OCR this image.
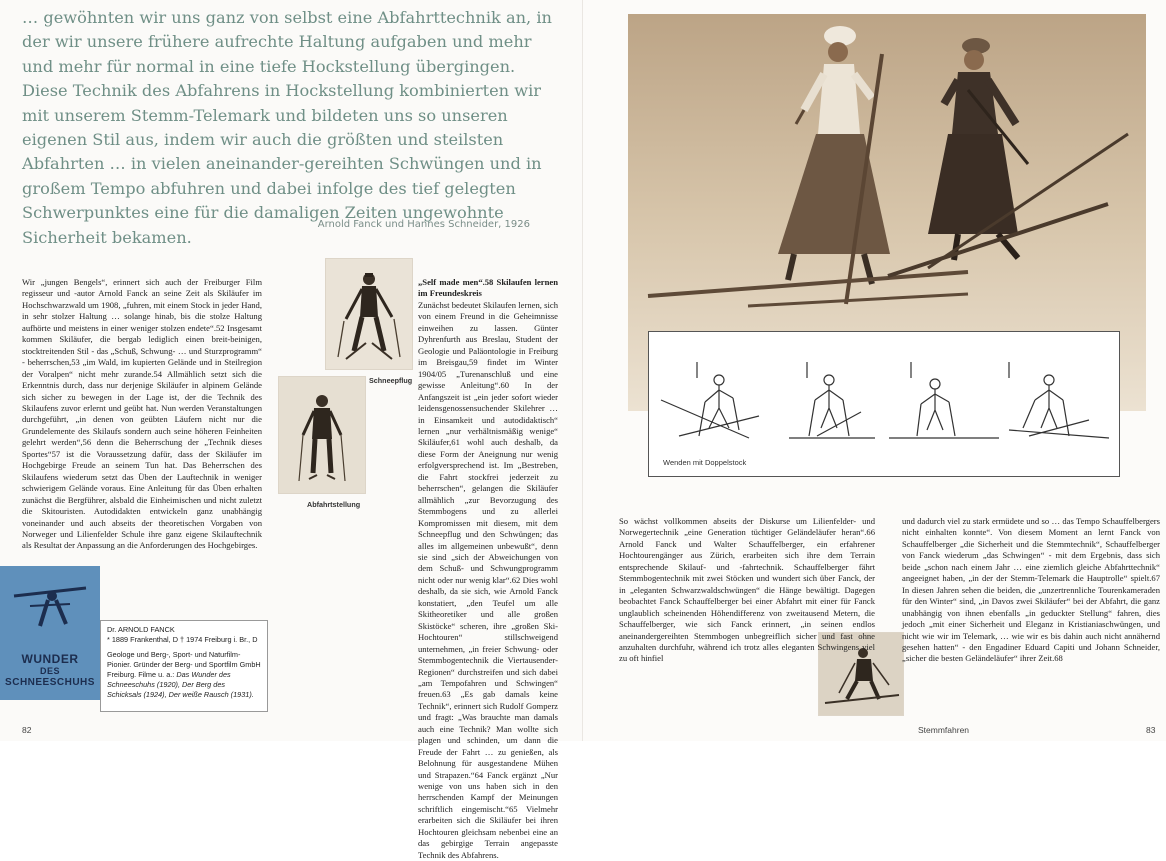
… gewöhnten wir uns ganz von selbst eine Abfahrttechnik an, in der wir unsere frühere aufrechte Haltung aufgaben und mehr und mehr für normal in eine tiefe Hockstellung übergingen. Diese Technik des Abfahrens in Hockstellung kombinierten wir mit unserem Stemm-Telemark und bildeten uns so unseren eigenen Stil aus, indem wir auch die größten und steilsten Abfahrten … in vielen aneinander-gereihten Schwüngen und in großem Tempo abfuhren und dabei infolge des tief gelegten Schwerpunktes eine für die damaligen Zeiten ungewohnte Sicherheit bekamen.
Arnold Fanck und Hannes Schneider, 1926
Wir „jungen Bengels“, erinnert sich auch der Freiburger Film regisseur und -autor Arnold Fanck an seine Zeit als Skiläufer im Hochschwarzwald um 1908, „fuhren, mit einem Stock in jeder Hand, in sehr stolzer Haltung … solange hinab, bis die stolze Haltung aufhörte und meistens in einer weniger stolzen endete“.52 Insgesamt kommen Skiläufer, die bergab lediglich einen breit-beinigen, stocktreitenden Stil - das „Schuß, Schwung- … und Sturzprogramm“ - beherrschen,53 „im Wald, im kupierten Gelände und in Steilregion der Voralpen“ nicht mehr zurande.54 Allmählich setzt sich die Erkenntnis durch, dass nur derjenige Skiläufer in alpinem Gelände sich sicher zu bewegen in der Lage ist, der die Technik des Skilaufens zuvor erlernt und geübt hat. Nun werden Veranstaltungen durchgeführt, „in denen von geübten Läufern nicht nur die Grundelemente des Skilaufs sondern auch seine höheren Feinheiten gelehrt werden“,56 denn die Beherrschung der „Technik dieses Sportes“57 ist die Voraussetzung dafür, dass der Skiläufer im Hochgebirge Freude an seinem Tun hat. Das Beherrschen des Skilaufens wiederum setzt das Üben der Lauftechnik in weniger schwierigem Gelände voraus. Eine Anleitung für das Üben erhalten zunächst die Bergführer, alsbald die Einheimischen und nicht zuletzt die Skitouristen. Autodidakten entwickeln ganz unabhängig voneinander und auch abseits der theoretischen Vorgaben von Norweger und Lilienfelder Schule ihre ganz eigene Skilauftechnik als Resultat der Anpassung an die Anforderungen des Hochgebirges.
„Self made men“.58 Skilaufen lernen im Freundeskreis
Zunächst bedeutet Skilaufen lernen, sich von einem Freund in die Geheimnisse einweihen zu lassen. Günter Dyhrenfurth aus Breslau, Student der Geologie und Paläontologie in Freiburg im Breisgau,59 findet im Winter 1904/05 „Turenanschluß und eine gewisse Anleitung“.60 In der Anfangszeit ist „ein jeder sofort wieder leidensgenossensuchender Skilehrer … in Einsamkeit und autodidaktisch“ lernen „nur verhältnismäßig wenige“ Skiläufer,61 wohl auch deshalb, da diese Form der Aneignung nur wenig erfolgversprechend ist. Im „Bestreben, die Fahrt stockfrei jederzeit zu beherrschen“, gelangen die Skiläufer allmählich „zur Bevorzugung des Stemmbogens und zu allerlei Kompromissen mit diesem, mit dem Schneepflug und den Schwüngen; das alles im allgemeinen unbewußt“, denn sie sind „sich der Abweichungen von dem Schuß- und Schwungprogramm nicht oder nur wenig klar“.62 Dies wohl deshalb, da sie sich, wie Arnold Fanck konstatiert, „den Teufel um alle Skitheoretiker und alle großen Skistöcke“ scheren, ihre „großen Ski-Hochtouren“ stillschweigend unternehmen, „in freier Schwung- oder Stemmbogentechnik die Viertausender-Regionen“ durchstreifen und sich dabei „am Tempofahren und Schwingen“ freuen.63 „Es gab damals keine Technik“, erinnert sich Rudolf Gomperz und fragt: „Was brauchte man damals auch eine Technik? Man wollte sich plagen und schinden, um dann die Freude der Fahrt … zu genießen, als Belohnung für ausgestandene Mühen und Strapazen.“64 Fanck ergänzt „Nur wenige von uns haben sich in den herrschenden Kampf der Meinungen schriftlich eingemischt.“65 Vielmehr erarbeiten sich die Skiläufer bei ihren Hochtouren gleichsam nebenbei eine an das gebirgige Terrain angepasste Technik des Abfahrens.
Schneepflug
Abfahrtstellung
WUNDER
DES
SCHNEESCHUHS
Dr. ARNOLD FANCK
* 1889 Frankenthal, D † 1974 Freiburg i. Br., D
Geologe und Berg-, Sport- und Naturfilm-Pionier. Gründer der Berg- und Sportfilm GmbH Freiburg. Filme u. a.: Das Wunder des Schneeschuhs (1920), Der Berg des Schicksals (1924), Der weiße Rausch (1931).
82
Wenden mit Doppelstock
So wächst vollkommen abseits der Diskurse um Lilienfelder- und Norwegertechnik „eine Generation tüchtiger Geländeläufer heran“.66 Arnold Fanck und Walter Schauffelberger, ein erfahrener Hochtourengänger aus Zürich, erarbeiten sich ihre dem Terrain entsprechende Skilauf- und -fahrtechnik. Schauffelberger fährt Stemmbogentechnik mit zwei Stöcken und wundert sich über Fanck, der in „eleganten Schwarzwaldschwüngen“ die Hänge bewältigt. Dagegen beobachtet Fanck Schauffelberger bei einer Abfahrt mit einer für Fanck unglaublich scheinenden Höhendifferenz von zweitausend Metern, die Schauffelberger, wie sich Fanck erinnert, „in seinen endlos aneinandergereihten Stemmbogen unbegreiflich sicher und fast ohne anzuhalten durchfuhr, während ich trotz alles eleganten Schwingens viel zu oft hinfiel
und dadurch viel zu stark ermüdete und so … das Tempo Schauffelbergers nicht einhalten konnte“. Von diesem Moment an lernt Fanck von Schauffelberger „die Sicherheit und die Stemmtechnik“, Schauffelberger von Fanck wiederum „das Schwingen“ - mit dem Ergebnis, dass sich beide „schon nach einem Jahr … eine ziemlich gleiche Abfahrttechnik“ angeeignet haben, „in der der Stemm-Telemark die Hauptrolle“ spielt.67 In diesen Jahren sehen die beiden, die „unzertrennliche Tourenkameraden für den Winter“ sind, „in Davos zwei Skiläufer“ bei der Abfahrt, die ganz unabhängig von ihnen ebenfalls „in geduckter Stellung“ fahren, dies jedoch „mit einer Sicherheit und Eleganz in Kristianiaschwüngen, und nicht wie wir im Telemark, … wie wir es bis dahin auch nicht annähernd gesehen hatten“ - den Engadiner Eduard Capiti und Johann Schneider, „sicher die besten Geländeläufer“ ihrer Zeit.68
Stemmfahren	83
